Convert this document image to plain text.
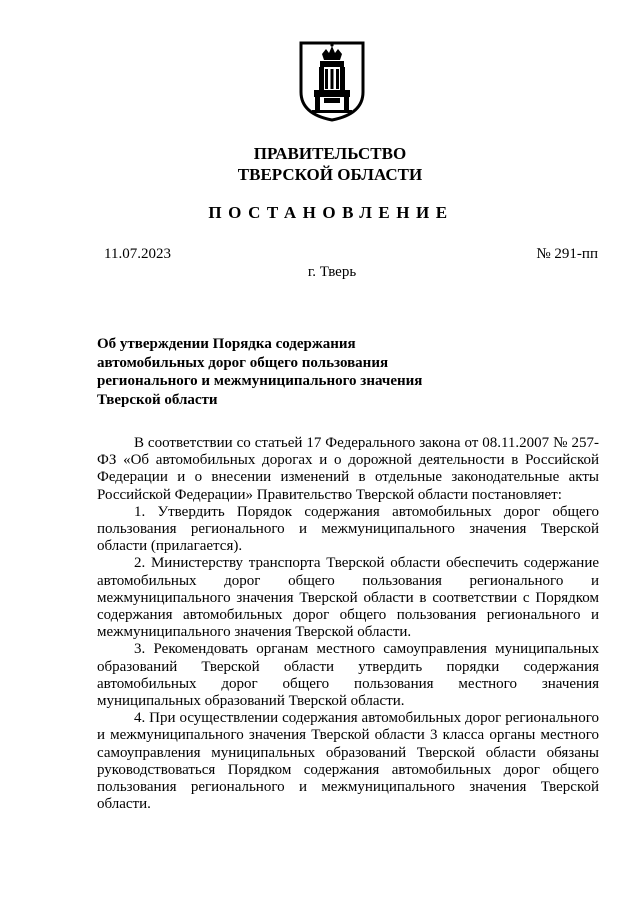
ПРАВИТЕЛЬСТВО
ТВЕРСКОЙ ОБЛАСТИ
ПОСТАНОВЛЕНИЕ
11.07.2023	№ 291-пп
г. Тверь
Об утверждении Порядка содержания
автомобильных дорог общего пользования
регионального и межмуниципального значения
Тверской области

В соответствии со статьей 17 Федерального закона от 08.11.2007 № 257-ФЗ «Об автомобильных дорогах и о дорожной деятельности в Российской Федерации и о внесении изменений в отдельные законодательные акты Российской Федерации» Правительство Тверской области постановляет:

1. Утвердить Порядок содержания автомобильных дорог общего пользования регионального и межмуниципального значения Тверской области (прилагается).

2. Министерству транспорта Тверской области обеспечить содержание автомобильных дорог общего пользования регионального и межмуниципального значения Тверской области в соответствии с Порядком содержания автомобильных дорог общего пользования регионального и межмуниципального значения Тверской области.

3. Рекомендовать органам местного самоуправления муниципальных образований Тверской области утвердить порядки содержания автомобильных дорог общего пользования местного значения муниципальных образований Тверской области.

4. При осуществлении содержания автомобильных дорог регионального и межмуниципального значения Тверской области 3 класса органы местного самоуправления муниципальных образований Тверской области обязаны руководствоваться Порядком содержания автомобильных дорог общего пользования регионального и межмуниципального значения Тверской области.
